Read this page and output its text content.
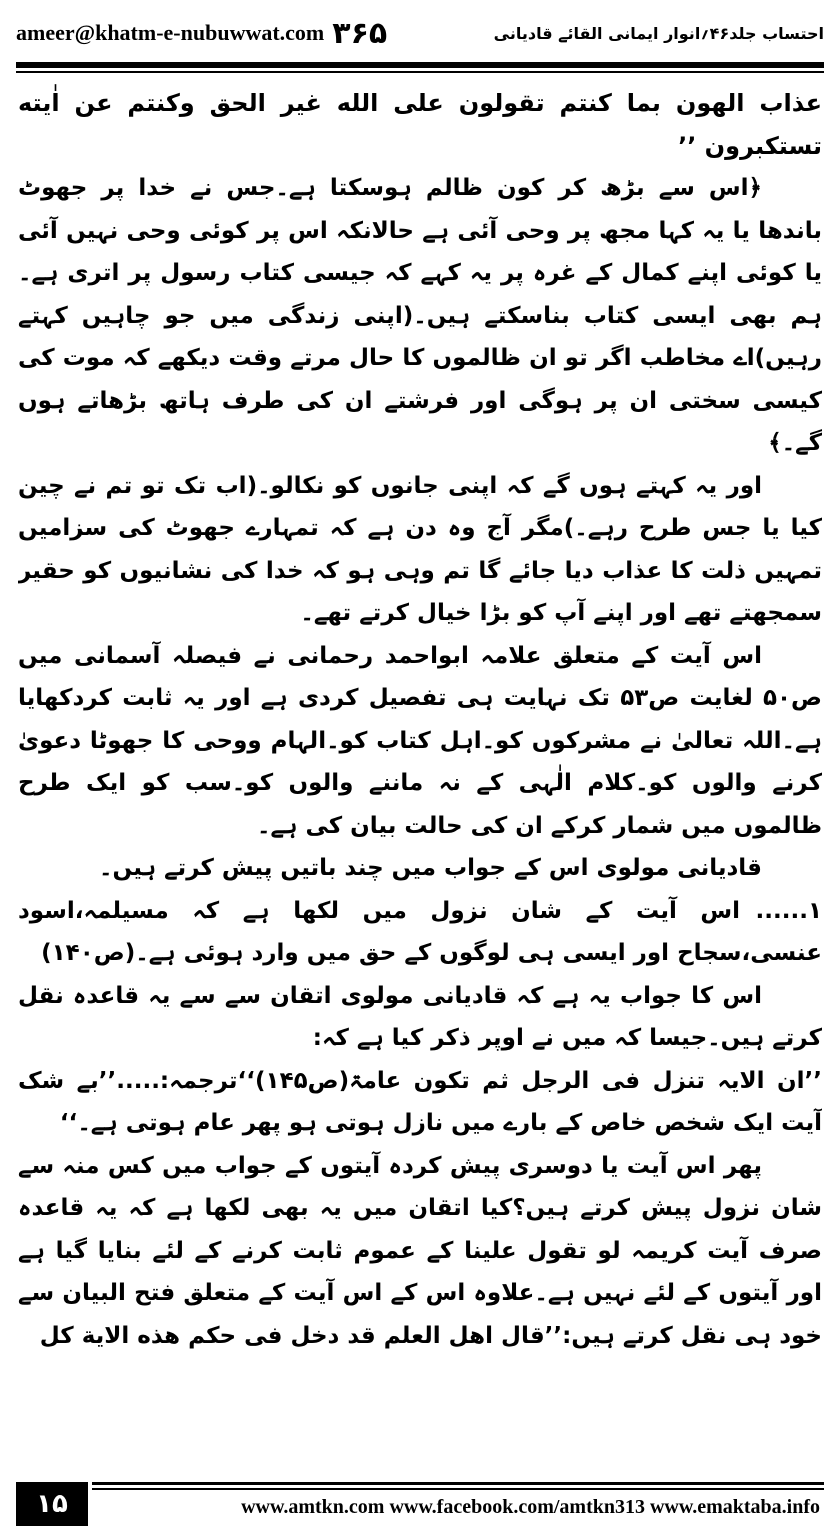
ameer@khatm-e-nubuwwat.com ۳۶۵	احتساب جلد۴۶؍انوار ایمانی القائے قادیانی

عذاب الهون بما کنتم تقولون على الله غير الحق وكنتم عن اٰیته تستکبرون ’’

﴿اس سے بڑھ کر کون ظالم ہوسکتا ہے۔جس نے خدا پر جھوٹ باندھا یا یہ کہا مجھ پر وحی آئی ہے حالانکہ اس پر کوئی وحی نہیں آئی یا کوئی اپنے کمال کے غرہ پر یہ کہے کہ جیسی کتاب رسول پر اتری ہے۔ہم بھی ایسی کتاب بناسکتے ہیں۔(اپنی زندگی میں جو چاہیں کہتے رہیں)اے مخاطب اگر تو ان ظالموں کا حال مرتے وقت دیکھے کہ موت کی کیسی سختی ان پر ہوگی اور فرشتے ان کی طرف ہاتھ بڑھاتے ہوں گے۔﴾

اور یہ کہتے ہوں گے کہ اپنی جانوں کو نکالو۔(اب تک تو تم نے چین کیا یا جس طرح رہے۔)مگر آج وہ دن ہے کہ تمہارے جھوٹ کی سزامیں تمہیں ذلت کا عذاب دیا جائے گا تم وہی ہو کہ خدا کی نشانیوں کو حقیر سمجھتے تھے اور اپنے آپ کو بڑا خیال کرتے تھے۔

اس آیت کے متعلق علامہ ابواحمد رحمانی نے فیصلہ آسمانی میں ص۵۰ لغایت ص۵۳ تک نہایت ہی تفصیل کردی ہے اور یہ ثابت کردکھایا ہے۔اللہ تعالیٰ نے مشرکوں کو۔اہل کتاب کو۔الہام ووحی کا جھوٹا دعویٰ کرنے والوں کو۔کلام الٰہی کے نہ ماننے والوں کو۔سب کو ایک طرح ظالموں میں شمار کرکے ان کی حالت بیان کی ہے۔

قادیانی مولوی اس کے جواب میں چند باتیں پیش کرتے ہیں۔

۱......اس آیت کے شان نزول میں لکھا ہے کہ مسیلمہ،اسود عنسی،سجاح اور ایسی ہی لوگوں کے حق میں وارد ہوئی ہے۔(ص۱۴۰)

اس کا جواب یہ ہے کہ قادیانی مولوی اتقان سے سے یہ قاعدہ نقل کرتے ہیں۔جیسا کہ میں نے اوپر ذکر کیا ہے کہ:

’’ان الایہ تنزل فی الرجل ثم تکون عامۃ(ص۱۴۵)‘‘ترجمہ:.....’’بے شک آیت ایک شخص خاص کے بارے میں نازل ہوتی ہو پھر عام ہوتی ہے۔‘‘

پھر اس آیت یا دوسری پیش کردہ آیتوں کے جواب میں کس منہ سے شان نزول پیش کرتے ہیں؟کیا اتقان میں یہ بھی لکھا ہے کہ یہ قاعدہ صرف آیت کریمہ لو تقول علینا کے عموم ثابت کرنے کے لئے بنایا گیا ہے اور آیتوں کے لئے نہیں ہے۔علاوہ اس کے اس آیت کے متعلق فتح البیان سے خود ہی نقل کرتے ہیں:’’قال اهل العلم قد دخل فی حکم هذه الاية كل

۱۵	www.amtkn.com www.facebook.com/amtkn313 www.emaktaba.info
